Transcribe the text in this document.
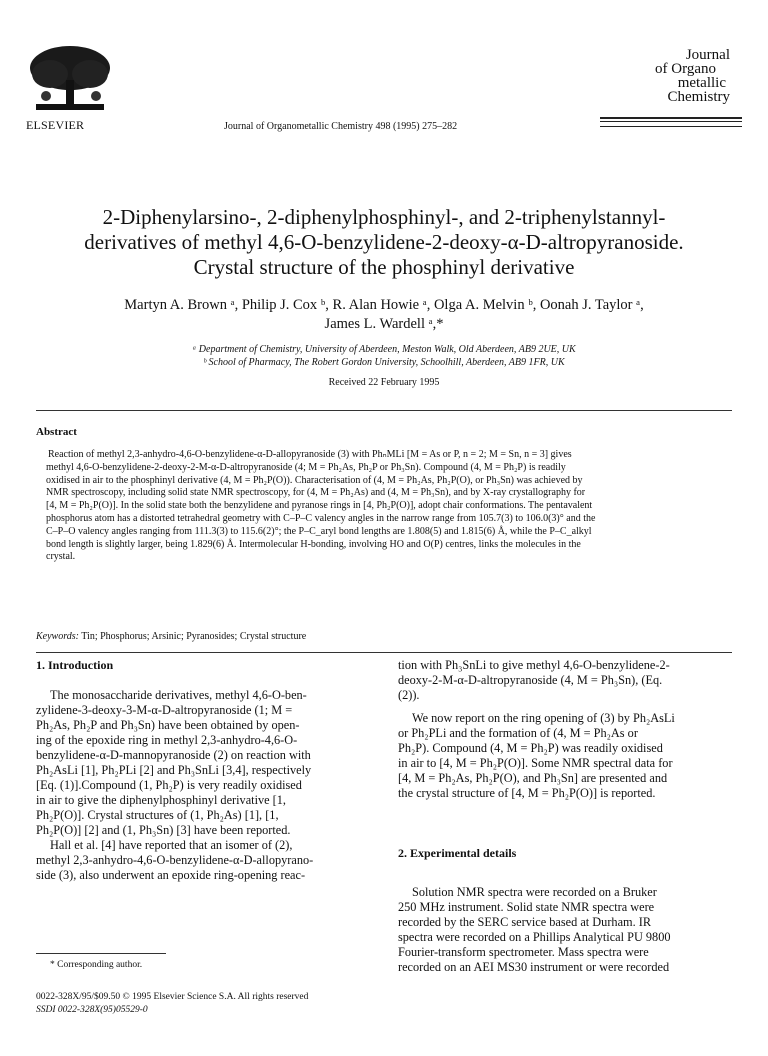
ELSEVIER	Journal of Organometallic Chemistry 498 (1995) 275–282
Journal
of Organo
metallic
Chemistry
2-Diphenylarsino-, 2-diphenylphosphinyl-, and 2-triphenylstannyl-
derivatives of methyl 4,6-O-benzylidene-2-deoxy-α-D-altropyranoside.
Crystal structure of the phosphinyl derivative
Martyn A. Brown ᵃ, Philip J. Cox ᵇ, R. Alan Howie ᵃ, Olga A. Melvin ᵇ, Oonah J. Taylor ᵃ,
James L. Wardell ᵃ,*
ᵃ Department of Chemistry, University of Aberdeen, Meston Walk, Old Aberdeen, AB9 2UE, UK
ᵇ School of Pharmacy, The Robert Gordon University, Schoolhill, Aberdeen, AB9 1FR, UK
Received 22 February 1995
Abstract
Reaction of methyl 2,3-anhydro-4,6-O-benzylidene-α-D-allopyranoside (3) with PhₙMLi [M = As or P, n = 2; M = Sn, n = 3] gives
methyl 4,6-O-benzylidene-2-deoxy-2-M-α-D-altropyranoside (4; M = Ph₂As, Ph₂P or Ph₃Sn). Compound (4, M = Ph₂P) is readily
oxidised in air to the phosphinyl derivative (4, M = Ph₂P(O)). Characterisation of (4, M = Ph₂As, Ph₂P(O), or Ph₃Sn) was achieved by
NMR spectroscopy, including solid state NMR spectroscopy, for (4, M = Ph₂As) and (4, M = Ph₃Sn), and by X-ray crystallography for
[4, M = Ph₂P(O)]. In the solid state both the benzylidene and pyranose rings in [4, Ph₂P(O)], adopt chair conformations. The pentavalent
phosphorus atom has a distorted tetrahedral geometry with C–P–C valency angles in the narrow range from 105.7(3) to 106.0(3)° and the
C–P–O valency angles ranging from 111.3(3) to 115.6(2)°; the P–C_aryl bond lengths are 1.808(5) and 1.815(6) Å, while the P–C_alkyl
bond length is slightly larger, being 1.829(6) Å. Intermolecular H-bonding, involving HO and O(P) centres, links the molecules in the
crystal.
Keywords: Tin; Phosphorus; Arsinic; Pyranosides; Crystal structure
1. Introduction
The monosaccharide derivatives, methyl 4,6-O-ben-
zylidene-3-deoxy-3-M-α-D-altropyranoside (1; M =
Ph₂As, Ph₂P and Ph₃Sn) have been obtained by open-
ing of the epoxide ring in methyl 2,3-anhydro-4,6-O-
benzylidene-α-D-mannopyranoside (2) on reaction with
Ph₂AsLi [1], Ph₂PLi [2] and Ph₃SnLi [3,4], respectively
[Eq. (1)].Compound (1, Ph₂P) is very readily oxidised
in air to give the diphenylphosphinyl derivative [1,
Ph₂P(O)]. Crystal structures of (1, Ph₂As) [1], [1,
Ph₂P(O)] [2] and (1, Ph₃Sn) [3] have been reported.
Hall et al. [4] have reported that an isomer of (2),
methyl 2,3-anhydro-4,6-O-benzylidene-α-D-allopyrano-
side (3), also underwent an epoxide ring-opening reac-
* Corresponding author.
0022-328X/95/$09.50 © 1995 Elsevier Science S.A. All rights reserved
SSDI 0022-328X(95)05529-0
tion with Ph₃SnLi to give methyl 4,6-O-benzylidene-2-
deoxy-2-M-α-D-altropyranoside (4, M = Ph₃Sn), (Eq.
(2)).
We now report on the ring opening of (3) by Ph₂AsLi
or Ph₂PLi and the formation of (4, M = Ph₂As or
Ph₂P). Compound (4, M = Ph₂P) was readily oxidised
in air to [4, M = Ph₂P(O)]. Some NMR spectral data for
[4, M = Ph₂As, Ph₂P(O), and Ph₃Sn] are presented and
the crystal structure of [4, M = Ph₂P(O)] is reported.
2. Experimental details
Solution NMR spectra were recorded on a Bruker
250 MHz instrument. Solid state NMR spectra were
recorded by the SERC service based at Durham. IR
spectra were recorded on a Phillips Analytical PU 9800
Fourier-transform spectrometer. Mass spectra were
recorded on an AEI MS30 instrument or were recorded
